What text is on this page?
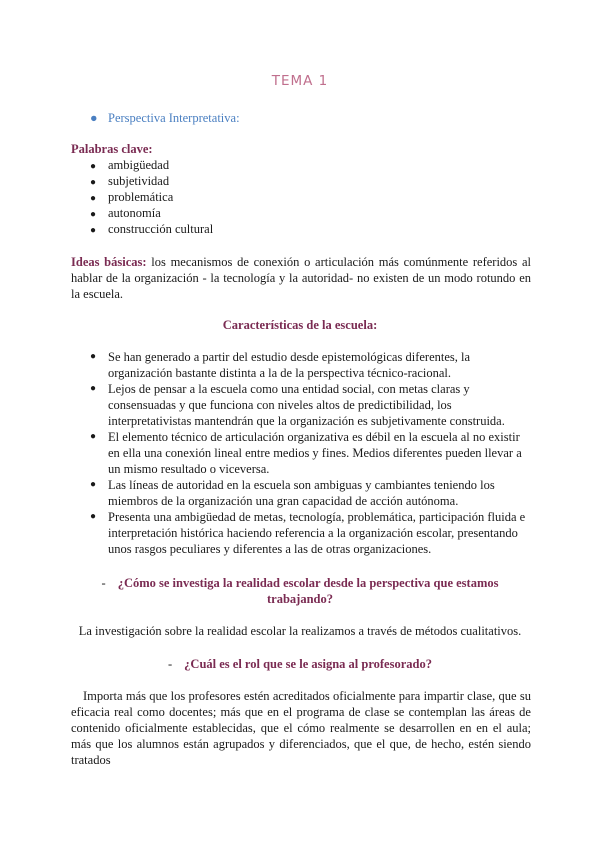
TEMA 1
● Perspectiva Interpretativa:
Palabras clave:
● ambigüedad
● subjetividad
● problemática
● autonomía
● construcción cultural
Ideas básicas: los mecanismos de conexión o articulación más comúnmente referidos al hablar de la organización - la tecnología y la autoridad- no existen de un modo rotundo en la escuela.
Características de la escuela:
● Se han generado a partir del estudio desde epistemológicas diferentes, la organización bastante distinta a la de la perspectiva técnico-racional.
● Lejos de pensar a la escuela como una entidad social, con metas claras y consensuadas y que funciona con niveles altos de predictibilidad, los interpretativistas mantendrán que la organización es subjetivamente construida.
● El elemento técnico de articulación organizativa es débil en la escuela al no existir en ella una conexión lineal entre medios y fines. Medios diferentes pueden llevar a un mismo resultado o viceversa.
● Las líneas de autoridad en la escuela son ambiguas y cambiantes teniendo los miembros de la organización una gran capacidad de acción autónoma.
● Presenta una ambigüedad de metas, tecnología, problemática, participación fluida e interpretación histórica haciendo referencia a la organización escolar, presentando unos rasgos peculiares y diferentes a las de otras organizaciones.
- ¿Cómo se investiga la realidad escolar desde la perspectiva que estamos
trabajando?
La investigación sobre la realidad escolar la realizamos a través de métodos cualitativos.
- ¿Cuál es el rol que se le asigna al profesorado?
Importa más que los profesores estén acreditados oficialmente para impartir clase, que su eficacia real como docentes; más que en el programa de clase se contemplan las áreas de contenido oficialmente establecidas, que el cómo realmente se desarrollen en en el aula; más que los alumnos están agrupados y diferenciados, que el que, de hecho, estén siendo tratados
